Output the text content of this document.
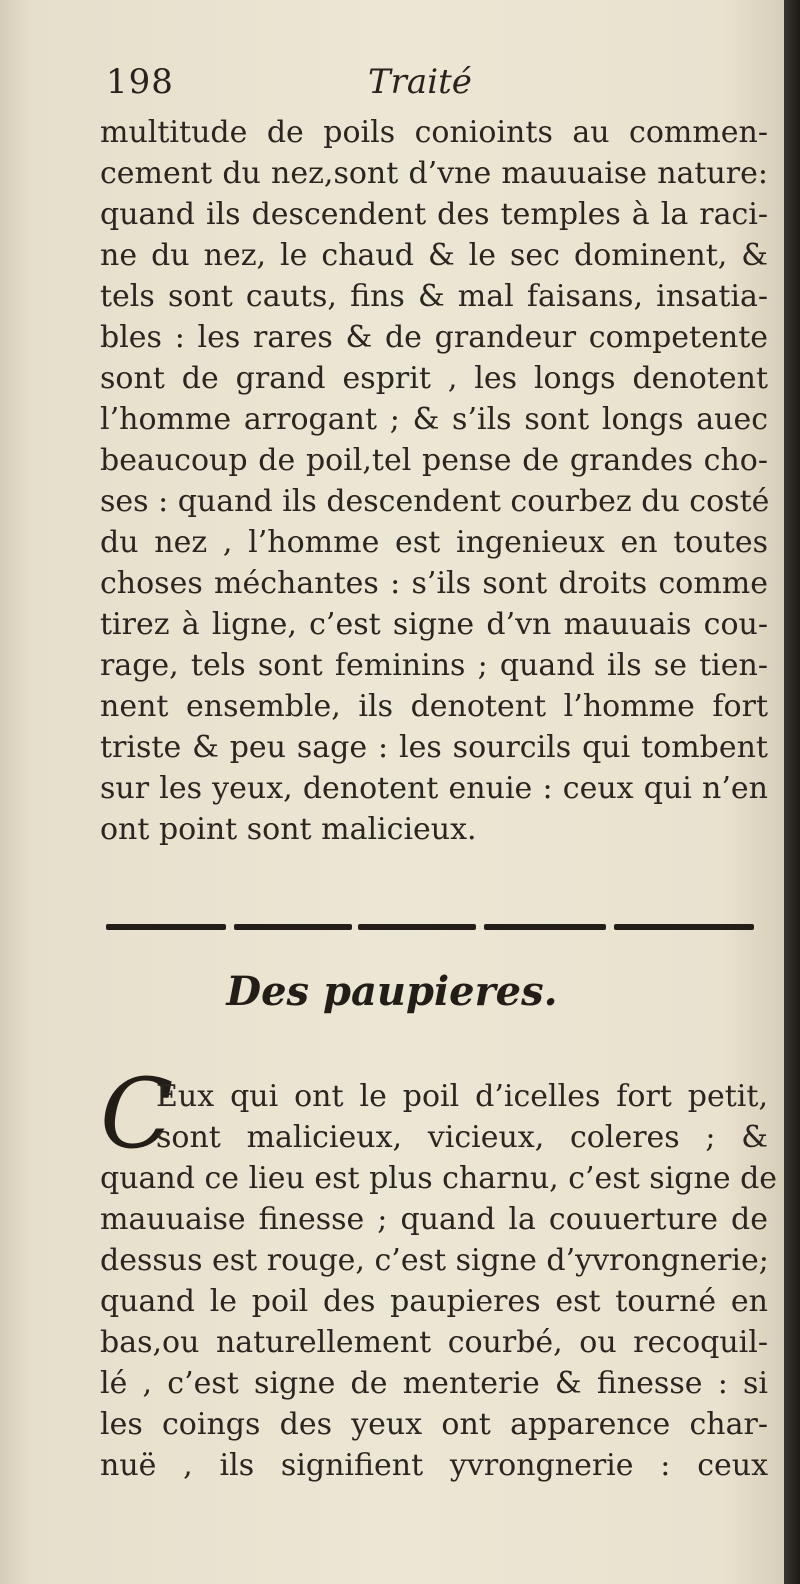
198	Traité
multitude de poils conioints au commen-
cement du nez,sont d’vne mauuaise nature:
quand ils descendent des temples à la raci-
ne du nez, le chaud & le sec dominent, &
tels sont cauts, fins & mal faisans, insatia-
bles : les rares & de grandeur competente
sont de grand esprit , les longs denotent
l’homme arrogant ; & s’ils sont longs auec
beaucoup de poil,tel pense de grandes cho-
ses : quand ils descendent courbez du costé
du nez , l’homme est ingenieux en toutes
choses méchantes : s’ils sont droits comme
tirez à ligne, c’est signe d’vn mauuais cou-
rage, tels sont feminins ; quand ils se tien-
nent ensemble, ils denotent l’homme fort
triste & peu sage : les sourcils qui tombent
sur les yeux, denotent enuie : ceux qui n’en
ont point sont malicieux.
Des paupieres.
C
Eux qui ont le poil d’icelles fort petit,
sont malicieux, vicieux, coleres ; &
quand ce lieu est plus charnu, c’est signe de
mauuaise finesse ; quand la couuerture de
dessus est rouge, c’est signe d’yvrongnerie;
quand le poil des paupieres est tourné en
bas,ou naturellement courbé, ou recoquil-
lé , c’est signe de menterie & finesse : si
les coings des yeux ont apparence char-
nuë , ils signifient yvrongnerie : ceux
